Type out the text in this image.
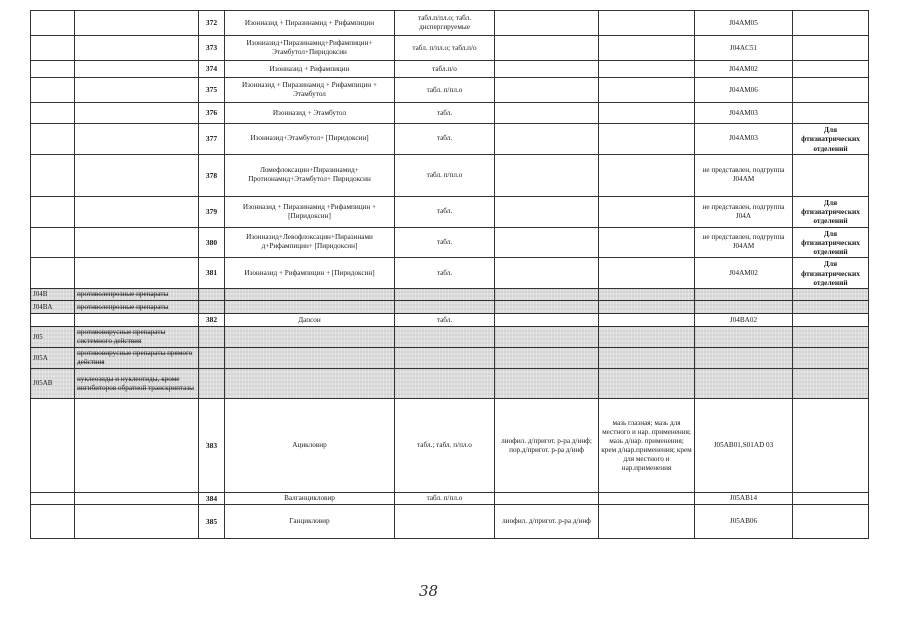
		372	Изониазид + Пиразинамид + Рифампицин	табл.п/пл.о; табл. диспергируемые			J04AM05	
		373	Изониазид+Пиразинамид+Рифампицин+ Этамбутол+Пиридоксин	табл. п/пл.о; табл.п/о			J04AC51	
		374	Изониазид + Рифампицин	табл.п/о			J04AM02	
		375	Изониазид + Пиразинамид + Рифампицин + Этамбутол	табл. п/пл.о			J04AM06	
		376	Изониазид + Этамбутол	табл.			J04AM03	
		377	Изониазид+Этамбутол+ [Пиридоксин]	табл.			J04AM03	Для фтизиатрических отделений
		378	Ломефлоксацин+Пиразинамид+ Протионамид+Этамбутол+ Пиридоксин	табл. п/пл.о			не представлен, подгруппа J04AM	
		379	Изониазид + Пиразинамид +Рифампицин + [Пиридоксин]	табл.			не представлен, подгруппа J04A	Для фтизиатрических отделений
		380	Изониазид+Левофлоксацин+Пиразинами д+Рифампицин+ [Пиридоксин]	табл.			не представлен, подгруппа J04AM	Для фтизиатрических отделений
		381	Изониазид + Рифампицин + [Пиридоксин]	табл.			J04AM02	Для фтизиатрических отделений
J04B	противолепрозные препараты							
J04BA	противолепрозные препараты							
		382	Дапсон	табл.			J04BA02	
J05	противовирусные препараты системного действия							
J05A	противовирусные препараты прямого действия							
J05AB	нуклеозиды и нуклеотиды, кроме ингибиторов обратной транскриптазы							
		383	Ацикловир	табл.; табл. п/пл.о	лиофил. д/пригот. р-ра д/инф; пор.д/пригот. р-ра д/инф	мазь глазная; мазь для местного и нар. применения; мазь д/нар. применения; крем д/нар.применения; крем для местного и нар.применения	J05AB01,S01AD 03	
		384	Валганцикловир	табл. п/пл.о			J05AB14	
		385	Ганцикловир		лиофил. д/пригот. р-ра д/инф		J05AB06	
38
